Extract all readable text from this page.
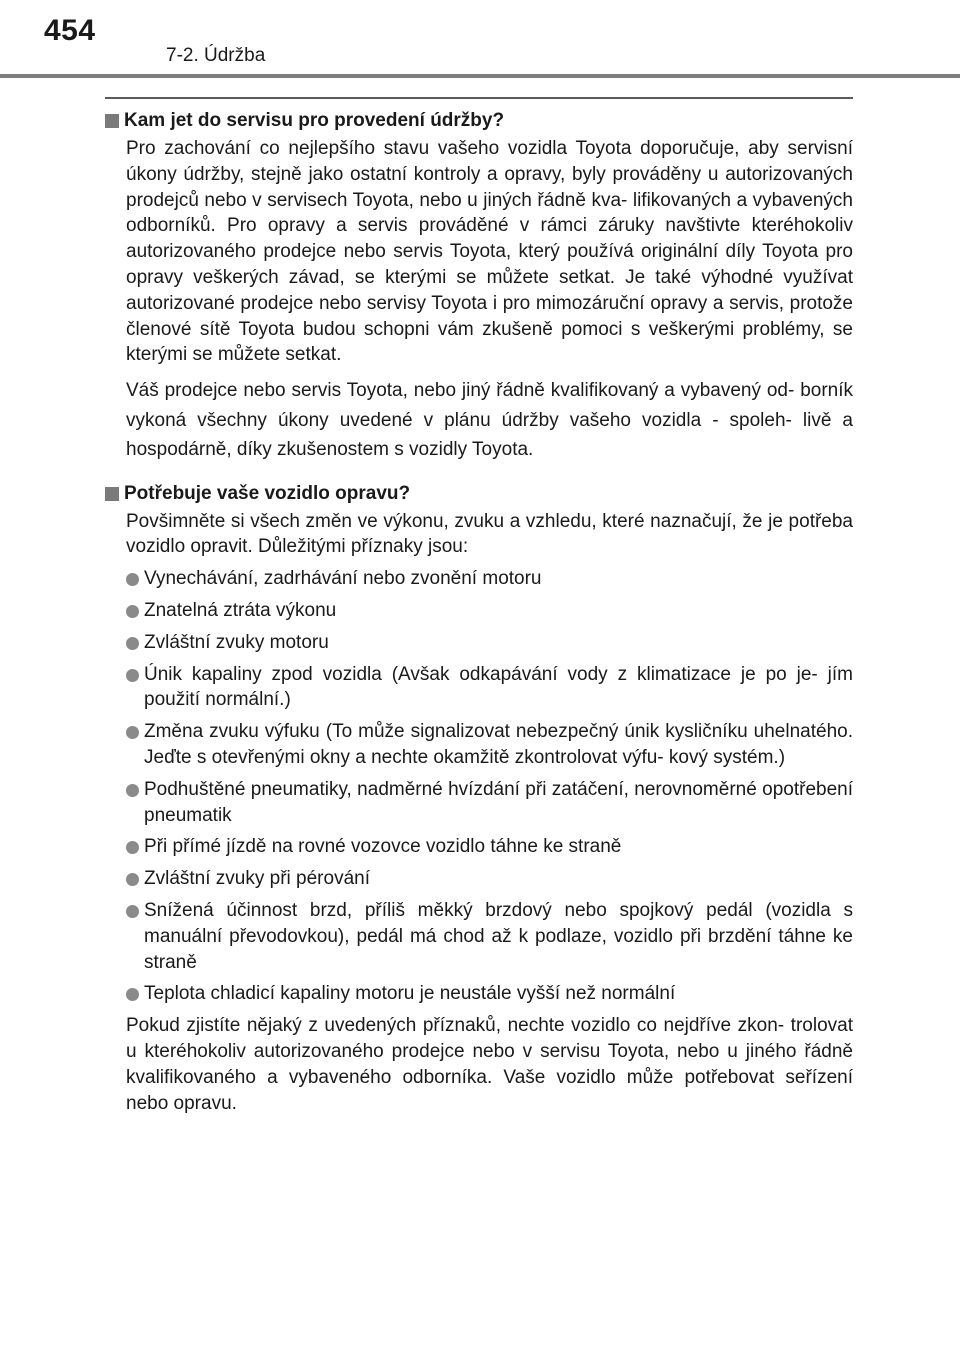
454
7-2. Údržba
Kam jet do servisu pro provedení údržby?

Pro zachování co nejlepšího stavu vašeho vozidla Toyota doporučuje, aby servisní úkony údržby, stejně jako ostatní kontroly a opravy, byly prováděny u autorizovaných prodejců nebo v servisech Toyota, nebo u jiných řádně kva- lifikovaných a vybavených odborníků. Pro opravy a servis prováděné v rámci záruky navštivte kteréhokoliv autorizovaného prodejce nebo servis Toyota, který používá originální díly Toyota pro opravy veškerých závad, se kterými se můžete setkat. Je také výhodné využívat autorizované prodejce nebo servisy Toyota i pro mimozáruční opravy a servis, protože členové sítě Toyota budou schopni vám zkušeně pomoci s veškerými problémy, se kterými se můžete setkat.

Váš prodejce nebo servis Toyota, nebo jiný řádně kvalifikovaný a vybavený od- borník vykoná všechny úkony uvedené v plánu údržby vašeho vozidla - spoleh- livě a hospodárně, díky zkušenostem s vozidly Toyota.

Potřebuje vaše vozidlo opravu?

Povšimněte si všech změn ve výkonu, zvuku a vzhledu, které naznačují, že je potřeba vozidlo opravit. Důležitými příznaky jsou:

Vynechávání, zadrhávání nebo zvonění motoru
Znatelná ztráta výkonu
Zvláštní zvuky motoru
Únik kapaliny zpod vozidla (Avšak odkapávání vody z klimatizace je po je- jím použití normální.)
Změna zvuku výfuku (To může signalizovat nebezpečný únik kysličníku uhelnatého. Jeďte s otevřenými okny a nechte okamžitě zkontrolovat výfu- kový systém.)
Podhuštěné pneumatiky, nadměrné hvízdání při zatáčení, nerovnoměrné opotřebení pneumatik
Při přímé jízdě na rovné vozovce vozidlo táhne ke straně
Zvláštní zvuky při pérování
Snížená účinnost brzd, příliš měkký brzdový nebo spojkový pedál (vozidla s manuální převodovkou), pedál má chod až k podlaze, vozidlo při brzdění táhne ke straně
Teplota chladicí kapaliny motoru je neustále vyšší než normální

Pokud zjistíte nějaký z uvedených příznaků, nechte vozidlo co nejdříve zkon- trolovat u kteréhokoliv autorizovaného prodejce nebo v servisu Toyota, nebo u jiného řádně kvalifikovaného a vybaveného odborníka. Vaše vozidlo může potřebovat seřízení nebo opravu.
